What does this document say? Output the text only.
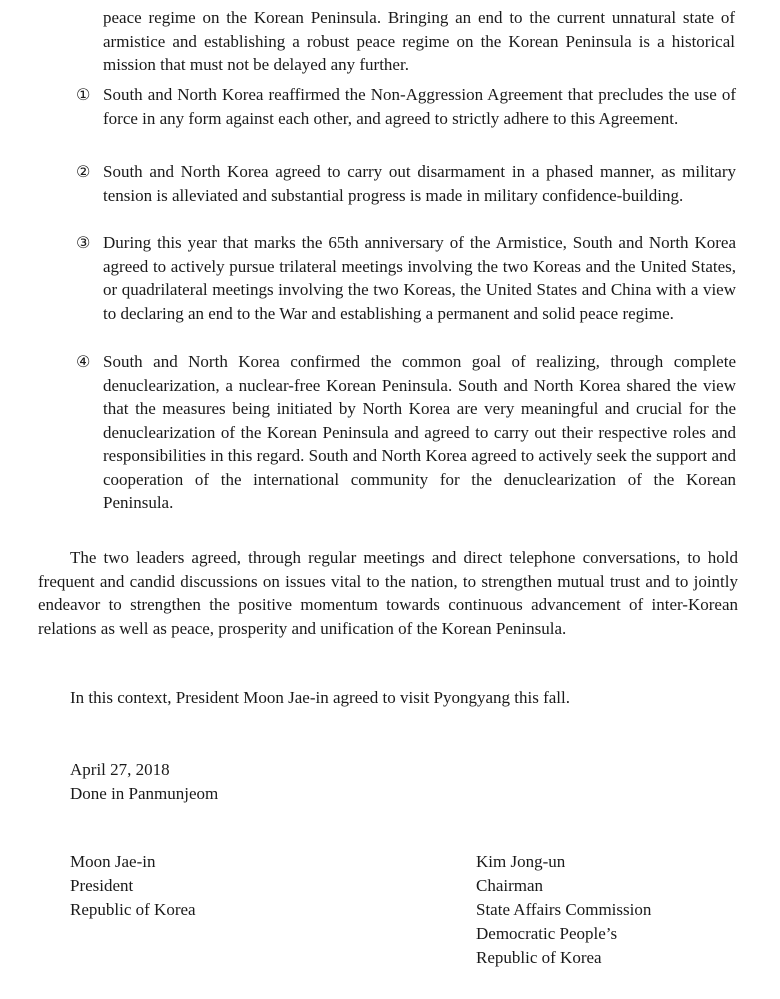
peace regime on the Korean Peninsula. Bringing an end to the current unnatural state of armistice and establishing a robust peace regime on the Korean Peninsula is a historical mission that must not be delayed any further.

① South and North Korea reaffirmed the Non-Aggression Agreement that precludes the use of force in any form against each other, and agreed to strictly adhere to this Agreement.
② South and North Korea agreed to carry out disarmament in a phased manner, as military tension is alleviated and substantial progress is made in military confidence-building.
③ During this year that marks the 65th anniversary of the Armistice, South and North Korea agreed to actively pursue trilateral meetings involving the two Koreas and the United States, or quadrilateral meetings involving the two Koreas, the United States and China with a view to declaring an end to the War and establishing a permanent and solid peace regime.
④ South and North Korea confirmed the common goal of realizing, through complete denuclearization, a nuclear-free Korean Peninsula. South and North Korea shared the view that the measures being initiated by North Korea are very meaningful and crucial for the denuclearization of the Korean Peninsula and agreed to carry out their respective roles and responsibilities in this regard. South and North Korea agreed to actively seek the support and cooperation of the international community for the denuclearization of the Korean Peninsula.

The two leaders agreed, through regular meetings and direct telephone conversations, to hold frequent and candid discussions on issues vital to the nation, to strengthen mutual trust and to jointly endeavor to strengthen the positive momentum towards continuous advancement of inter-Korean relations as well as peace, prosperity and unification of the Korean Peninsula.

In this context, President Moon Jae-in agreed to visit Pyongyang this fall.

April 27, 2018

Done in Panmunjeom

Moon Jae-in

President

Republic of Korea

Kim Jong-un

Chairman

State Affairs Commission

Democratic People’s

Republic of Korea
